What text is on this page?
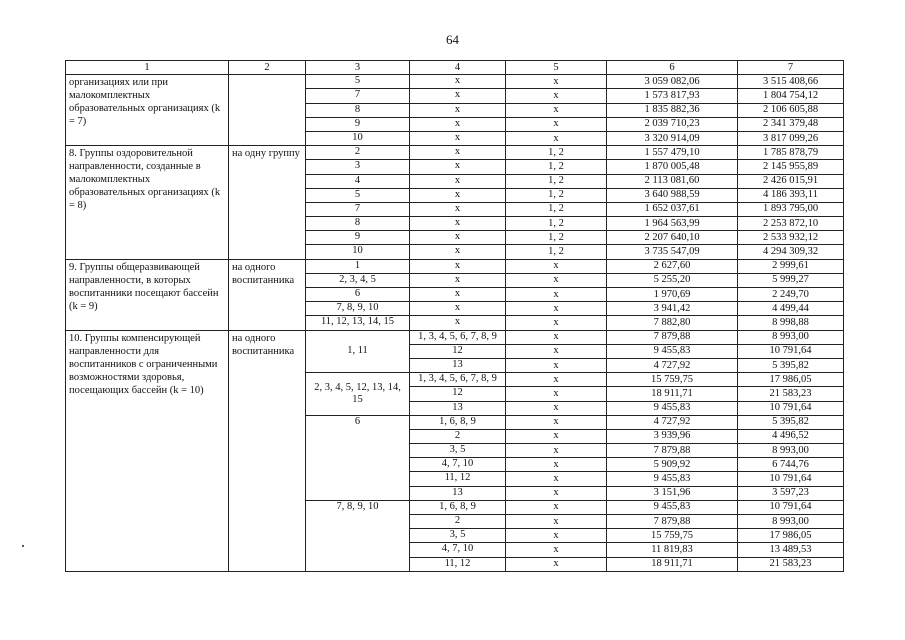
64
1	2	3	4	5	6	7
организациях или при малокомплектных образовательных организациях (k = 7)		5	х	х	3 059 082,06	3 515 408,66
		7	х	х	1 573 817,93	1 804 754,12
		8	х	х	1 835 882,36	2 106 605,88
		9	х	х	2 039 710,23	2 341 379,48
		10	х	х	3 320 914,09	3 817 099,26
8. Группы оздоровительной направленности, созданные в малокомплектных образовательных организациях (k = 8)	на одну группу	2	х	1, 2	1 557 479,10	1 785 878,79
		3	х	1, 2	1 870 005,48	2 145 955,89
		4	х	1, 2	2 113 081,60	2 426 015,91
		5	х	1, 2	3 640 988,59	4 186 393,11
		7	х	1, 2	1 652 037,61	1 893 795,00
		8	х	1, 2	1 964 563,99	2 253 872,10
		9	х	1, 2	2 207 640,10	2 533 932,12
		10	х	1, 2	3 735 547,09	4 294 309,32
9. Группы общеразвивающей направленности, в которых воспитанники посещают бассейн (k = 9)	на одного воспитанника	1	х	х	2 627,60	2 999,61
		2, 3, 4, 5	х	х	5 255,20	5 999,27
		6	х	х	1 970,69	2 249,70
		7, 8, 9, 10	х	х	3 941,42	4 499,44
		11, 12, 13, 14, 15	х	х	7 882,80	8 998,88
10. Группы компенсирующей направленности для воспитанников с ограниченными возможностями здоровья, посещающих бассейн (k = 10)	на одного воспитанника	1, 11	1, 3, 4, 5, 6, 7, 8, 9	х	7 879,88	8 993,00
			12	х	9 455,83	10 791,64
			13	х	4 727,92	5 395,82
		2, 3, 4, 5, 12, 13, 14, 15	1, 3, 4, 5, 6, 7, 8, 9	х	15 759,75	17 986,05
			12	х	18 911,71	21 583,23
			13	х	9 455,83	10 791,64
		6	1, 6, 8, 9	х	4 727,92	5 395,82
			2	х	3 939,96	4 496,52
			3, 5	х	7 879,88	8 993,00
			4, 7, 10	х	5 909,92	6 744,76
			11, 12	х	9 455,83	10 791,64
			13	х	3 151,96	3 597,23
		7, 8, 9, 10	1, 6, 8, 9	х	9 455,83	10 791,64
			2	х	7 879,88	8 993,00
			3, 5	х	15 759,75	17 986,05
			4, 7, 10	х	11 819,83	13 489,53
			11, 12	х	18 911,71	21 583,23
